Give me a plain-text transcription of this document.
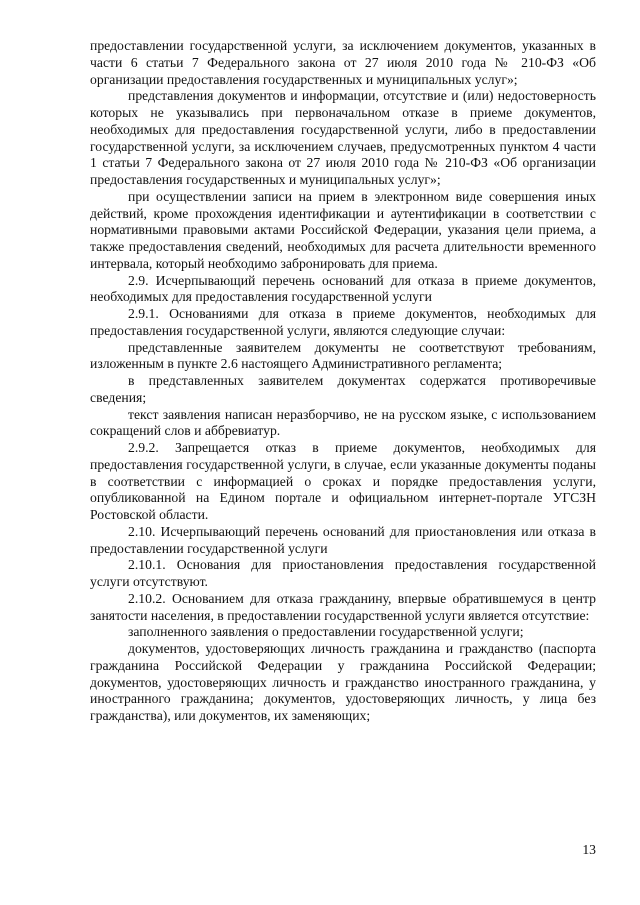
предоставлении государственной услуги, за исключением документов, указанных в части 6 статьи 7 Федерального закона от 27 июля 2010 года № 210-ФЗ «Об организации предоставления государственных и муниципальных услуг»;

представления документов и информации, отсутствие и (или) недостоверность которых не указывались при первоначальном отказе в приеме документов, необходимых для предоставления государственной услуги, либо в предоставлении государственной услуги, за исключением случаев, предусмотренных пунктом 4 части 1 статьи 7 Федерального закона от 27 июля 2010 года № 210-ФЗ «Об организации предоставления государственных и муниципальных услуг»;

при осуществлении записи на прием в электронном виде совершения иных действий, кроме прохождения идентификации и аутентификации в соответствии с нормативными правовыми актами Российской Федерации, указания цели приема, а также предоставления сведений, необходимых для расчета длительности временного интервала, который необходимо забронировать для приема.

2.9. Исчерпывающий перечень оснований для отказа в приеме документов, необходимых для предоставления государственной услуги

2.9.1. Основаниями для отказа в приеме документов, необходимых для предоставления государственной услуги, являются следующие случаи:

представленные заявителем документы не соответствуют требованиям, изложенным в пункте 2.6 настоящего Административного регламента;

в представленных заявителем документах содержатся противоречивые сведения;

текст заявления написан неразборчиво, не на русском языке, с использованием сокращений слов и аббревиатур.

2.9.2. Запрещается отказ в приеме документов, необходимых для предоставления государственной услуги, в случае, если указанные документы поданы в соответствии с информацией о сроках и порядке предоставления услуги, опубликованной на Едином портале и официальном интернет-портале УГСЗН Ростовской области.

2.10. Исчерпывающий перечень оснований для приостановления или отказа в предоставлении государственной услуги

2.10.1. Основания для приостановления предоставления государственной услуги отсутствуют.

2.10.2. Основанием для отказа гражданину, впервые обратившемуся в центр занятости населения, в предоставлении государственной услуги является отсутствие:

заполненного заявления о предоставлении государственной услуги;

документов, удостоверяющих личность гражданина и гражданство (паспорта гражданина Российской Федерации у гражданина Российской Федерации; документов, удостоверяющих личность и гражданство иностранного гражданина, у иностранного гражданина; документов, удостоверяющих личность, у лица без гражданства), или документов, их заменяющих;

13
